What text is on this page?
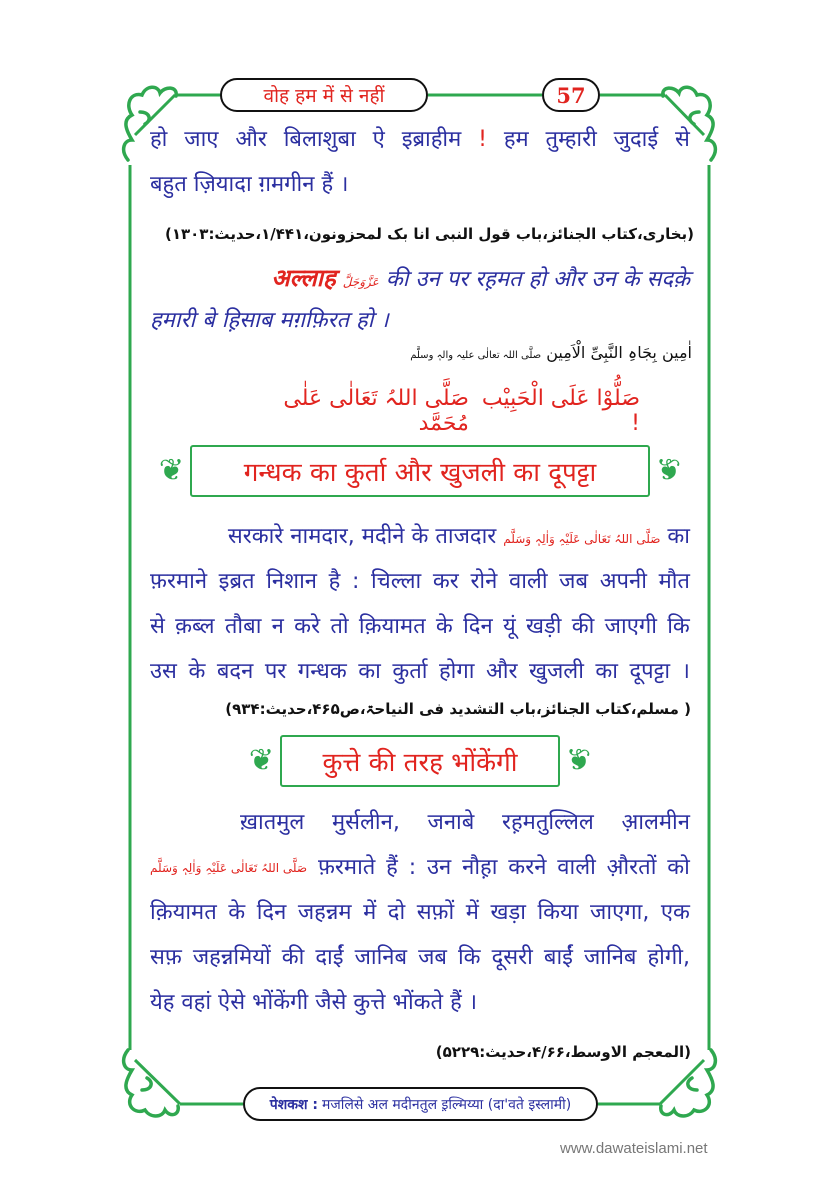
वोह हम में से नहीं	57
हो जाए और बिलाशुबा ऐ इब्राहीम ! हम तुम्हारी जुदाई से
बहुत ज़ियादा ग़मगीन हैं ।
(بخاری،کتاب الجنائز،باب قول النبی انا بک لمحزونون،۱/۴۴۱،حدیث:۱۳۰۳)
अल्लाह عَزَّوَجَلَّ की उन पर रह़मत हो और उन के सदक़े
हमारी बे ह़िसाब मग़फ़िरत हो ।
اٰمِین بِجَاہِ النَّبِیِّ الْاَمِین صلَّی اللہ تعالٰی علیہ والہٖ وسلَّم
صَلُّوْا عَلَی الْحَبِیْب !
صَلَّی اللہُ تَعَالٰی عَلٰی مُحَمَّد
❦	गन्धक का कुर्ता और खुजली का दूपट्टा	❦
सरकारे नामदार, मदीने के ताजदार صَلَّی اللہُ تَعَالٰی عَلَیْہِ وَاٰلِہٖ وَسَلَّم का
फ़रमाने इब्रत निशान है : चिल्ला कर रोने वाली जब अपनी मौत
से क़ब्ल तौबा न करे तो क़ियामत के दिन यूं खड़ी की जाएगी कि
उस के बदन पर गन्धक का कुर्ता होगा और खुजली का दूपट्टा ।
( مسلم،کتاب الجنائز،باب التشدید فی النیاحۃ،ص۴۶۵،حدیث:۹۳۴)
❦	कुत्ते की तरह भोंकेंगी	❦
ख़ातमुल मुर्सलीन, जनाबे रह़मतुल्लिल आ़लमीन
صَلَّی اللہُ تَعَالٰی عَلَیْہِ وَاٰلِہٖ وَسَلَّم फ़रमाते हैं : उन नौह़ा करने वाली औ़रतों को
क़ियामत के दिन जहन्नम में दो सफ़ों में खड़ा किया जाएगा, एक
सफ़ जहन्नमियों की दाईं जानिब जब कि दूसरी बाईं जानिब होगी,
येह वहां ऐसे भोंकेंगी जैसे कुत्ते भोंकते हैं ।
(المعجم الاوسط،۴/۶۶،حدیث:۵۲۲۹)
पेशकश : मजलिसे अल मदीनतुल इ़ल्मिय्या (दा'वते इस्लामी)
www.dawateislami.net
